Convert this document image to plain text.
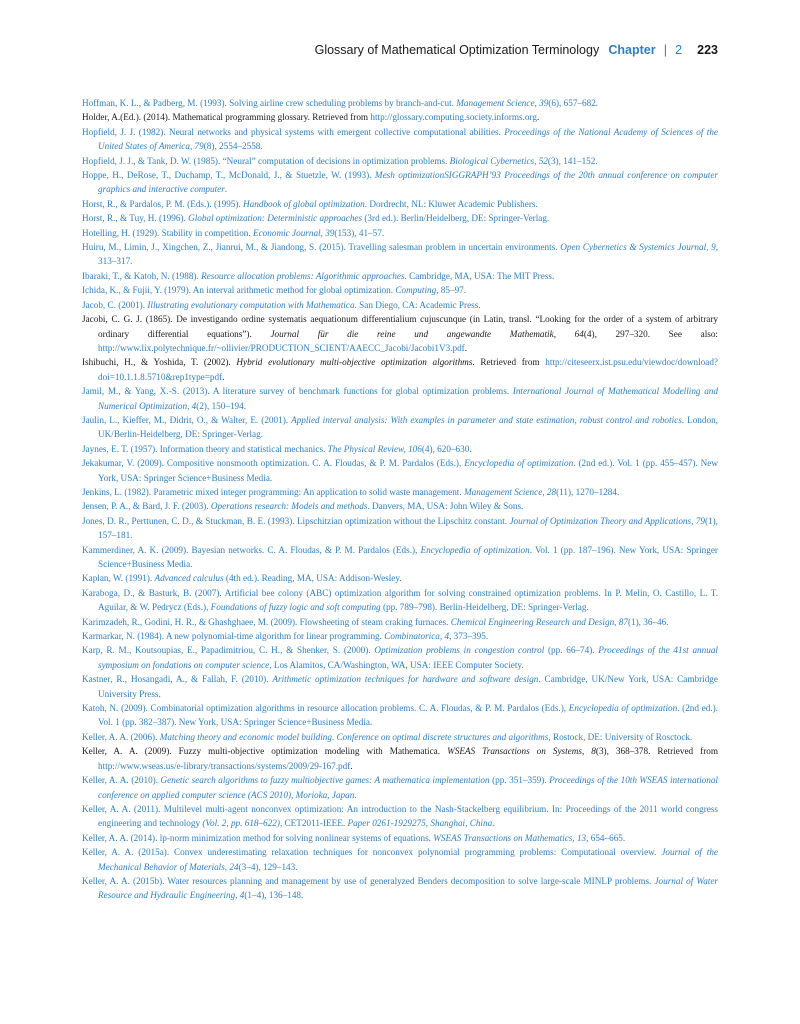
Glossary of Mathematical Optimization Terminology Chapter | 2 223

Hoffman, K. L., & Padberg, M. (1993). Solving airline crew scheduling problems by branch-and-cut. Management Science, 39(6), 657–682.

Holder, A.(Ed.). (2014). Mathematical programming glossary. Retrieved from http://glossary.computing.society.informs.org.

Hopfield, J. J. (1982). Neural networks and physical systems with emergent collective computational abilities. Proceedings of the National Academy of Sciences of the United States of America, 79(8), 2554–2558.

Hopfield, J. J., & Tank, D. W. (1985). “Neural” computation of decisions in optimization problems. Biological Cybernetics, 52(3), 141–152.

Hoppe, H., DeRose, T., Duchamp, T., McDonald, J., & Stuetzle, W. (1993). Mesh optimizationSIGGRAPH’93 Proceedings of the 20th annual conference on computer graphics and interactive computer.

Horst, R., & Pardalos, P. M. (Eds.). (1995). Handbook of global optimization. Dordrecht, NL: Kluwer Academic Publishers.

Horst, R., & Tuy, H. (1996). Global optimization: Deterministic approaches (3rd ed.). Berlin/Heidelberg, DE: Springer-Verlag.

Hotelling, H. (1929). Stability in competition. Economic Journal, 39(153), 41–57.

Huiru, M., Limin, J., Xingchen, Z., Jianrui, M., & Jiandong, S. (2015). Travelling salesman problem in uncertain environments. Open Cybernetics & Systemics Journal, 9, 313–317.

Ibaraki, T., & Katoh, N. (1988). Resource allocation problems: Algorithmic approaches. Cambridge, MA, USA: The MIT Press.

Ichida, K., & Fujii, Y. (1979). An interval arithmetic method for global optimization. Computing, 85–97.

Jacob, C. (2001). Illustrating evolutionary computation with Mathematica. San Diego, CA: Academic Press.

Jacobi, C. G. J. (1865). De investigando ordine systematis aequationum differentialium cujuscunque (in Latin, transl. “Looking for the order of a system of arbitrary ordinary differential equations”). Journal für die reine und angewandte Mathematik, 64(4), 297–320. See also: http://www.lix.polytechnique.fr/~ollivier/PRODUCTION_SCIENT/AAECC_Jacobi/Jacobi1V3.pdf.

Ishibuchi, H., & Yoshida, T. (2002). Hybrid evolutionary multi-objective optimization algorithms. Retrieved from http://citeseerx.ist.psu.edu/viewdoc/download?doi=10.1.1.8.5710&rep1type=pdf.

Jamil, M., & Yang, X.-S. (2013). A literature survey of benchmark functions for global optimization problems. International Journal of Mathematical Modelling and Numerical Optimization, 4(2), 150–194.

Jaulin, L., Kieffer, M., Didrit, O., & Walter, E. (2001). Applied interval analysis: With examples in parameter and state estimation, robust control and robotics. London, UK/Berlin-Heidelberg, DE: Springer-Verlag.

Jaynes, E. T. (1957). Information theory and statistical mechanics. The Physical Review, 106(4), 620–630.

Jekakumar, V. (2009). Compositive nonsmooth optimization. C. A. Floudas, & P. M. Pardalos (Eds.), Encyclopedia of optimization. (2nd ed.). Vol. 1 (pp. 455–457). New York, USA: Springer Science+Business Media.

Jenkins, L. (1982). Parametric mixed integer programming: An application to solid waste management. Management Science, 28(11), 1270–1284.

Jensen, P. A., & Bard, J. F. (2003). Operations research: Models and methods. Danvers, MA, USA: John Wiley & Sons.

Jones, D. R., Perttunen, C. D., & Stuckman, B. E. (1993). Lipschitzian optimization without the Lipschitz constant. Journal of Optimization Theory and Applications, 79(1), 157–181.

Kammerdiner, A. K. (2009). Bayesian networks. C. A. Floudas, & P. M. Pardalos (Eds.), Encyclopedia of optimization. Vol. 1 (pp. 187–196). New York, USA: Springer Science+Business Media.

Kaplan, W. (1991). Advanced calculus (4th ed.). Reading, MA, USA: Addison-Wesley.

Karaboga, D., & Basturk, B. (2007). Artificial bee colony (ABC) optimization algorithm for solving constrained optimization problems. In P. Melin, O. Castillo, L. T. Aguilar, & W. Pedrycz (Eds.), Foundations of fuzzy logic and soft computing (pp. 789–798). Berlin-Heidelberg, DE: Springer-Verlag.

Karimzadeh, R., Godini, H. R., & Ghashghaee, M. (2009). Flowsheeting of steam craking furnaces. Chemical Engineering Research and Design, 87(1), 36–46.

Karmarkar, N. (1984). A new polynomial-time algorithm for linear programming. Combinatorica, 4, 373–395.

Karp, R. M., Koutsoupias, E., Papadimitriou, C. H., & Shenker, S. (2000). Optimization problems in congestion control (pp. 66–74). Proceedings of the 41st annual symposium on fondations on computer science, Los Alamitos, CA/Washington, WA, USA: IEEE Computer Society.

Kastner, R., Hosangadi, A., & Fallah, F. (2010). Arithmetic optimization techniques for hardware and software design. Cambridge, UK/New York, USA: Cambridge University Press.

Katoh, N. (2009). Combinatorial optimization algorithms in resource allocation problems. C. A. Floudas, & P. M. Pardalos (Eds.), Encyclopedia of optimization. (2nd ed.). Vol. 1 (pp. 382–387). New York, USA: Springer Science+Business Media.

Keller, A. A. (2006). Matching theory and economic model building. Conference on optimal discrete structures and algorithms, Rostock, DE: University of Rosctock.

Keller, A. A. (2009). Fuzzy multi-objective optimization modeling with Mathematica. WSEAS Transactions on Systems, 8(3), 368–378. Retrieved from http://www.wseas.us/e-library/transactions/systems/2009/29-167.pdf.

Keller, A. A. (2010). Genetic search algorithms to fuzzy multiobjective games: A mathematica implementation (pp. 351–359). Proceedings of the 10th WSEAS international conference on applied computer science (ACS 2010), Morioka, Japan.

Keller, A. A. (2011). Multilevel multi-agent nonconvex optimization: An introduction to the Nash-Stackelberg equilibrium. In: Proceedings of the 2011 world congress engineering and technology (Vol. 2, pp. 618–622), CET2011-IEEE. Paper 0261-1929275, Shanghai, China.

Keller, A. A. (2014). lp-norm minimization method for solving nonlinear systems of equations. WSEAS Transactions on Mathematics, 13, 654–665.

Keller, A. A. (2015a). Convex underestimating relaxation techniques for nonconvex polynomial programming problems: Computational overview. Journal of the Mechanical Behavior of Materials, 24(3–4), 129–143.

Keller, A. A. (2015b). Water resources planning and management by use of generalyzed Benders decomposition to solve large-scale MINLP problems. Journal of Water Resource and Hydraulic Engineering, 4(1–4), 136–148.
